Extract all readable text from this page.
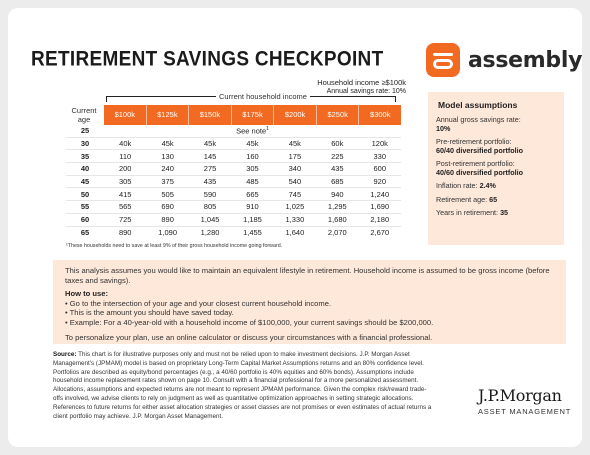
RETIREMENT SAVINGS CHECKPOINT	assembly
Household income ≥$100k
Annual savings rate: 10%
Current household income
Current age
$100k	$125k	$150k	$175k	$200k	$250k	$300k
25	See note$^1$
30	40k	45k	45k	45k	45k	60k	120k
35	110	130	145	160	175	225	330
40	200	240	275	305	340	435	600
45	305	375	435	485	540	685	920
50	415	505	590	665	745	940	1,240
55	565	690	805	910	1,025	1,295	1,690
60	725	890	1,045	1,185	1,330	1,680	2,180
65	890	1,090	1,280	1,455	1,640	2,070	2,670
¹These households need to save at least 9% of their gross household income going forward.
Model assumptions
Annual gross savings rate:
10%
Pre-retirement portfolio:
60/40 diversified portfolio
Post-retirement portfolio:
40/60 diversified portfolio
Inflation rate: 2.4%
Retirement age: 65
Years in retirement: 35
This analysis assumes you would like to maintain an equivalent lifestyle in retirement. Household income is assumed to be gross income (before taxes and savings).
How to use:
• Go to the intersection of your age and your closest current household income.
• This is the amount you should have saved today.
• Example: For a 40-year-old with a household income of $100,000, your current savings should be $200,000.
To personalize your plan, use an online calculator or discuss your circumstances with a financial professional.
Source: This chart is for illustrative purposes only and must not be relied upon to make investment decisions. J.P. Morgan Asset Management’s (JPMAM) model is based on proprietary Long-Term Capital Market Assumptions returns and an 80% confidence level. Portfolios are described as equity/bond percentages (e.g., a 40/60 portfolio is 40% equities and 60% bonds). Assumptions include household income replacement rates shown on page 10. Consult with a financial professional for a more personalized assessment. Allocations, assumptions and expected returns are not meant to represent JPMAM performance. Given the complex risk/reward trade-offs involved, we advise clients to rely on judgment as well as quantitative optimization approaches in setting strategic allocations. References to future returns for either asset allocation strategies or asset classes are not promises or even estimates of actual returns a client portfolio may achieve. J.P. Morgan Asset Management.
J.P.Morgan
ASSET MANAGEMENT
